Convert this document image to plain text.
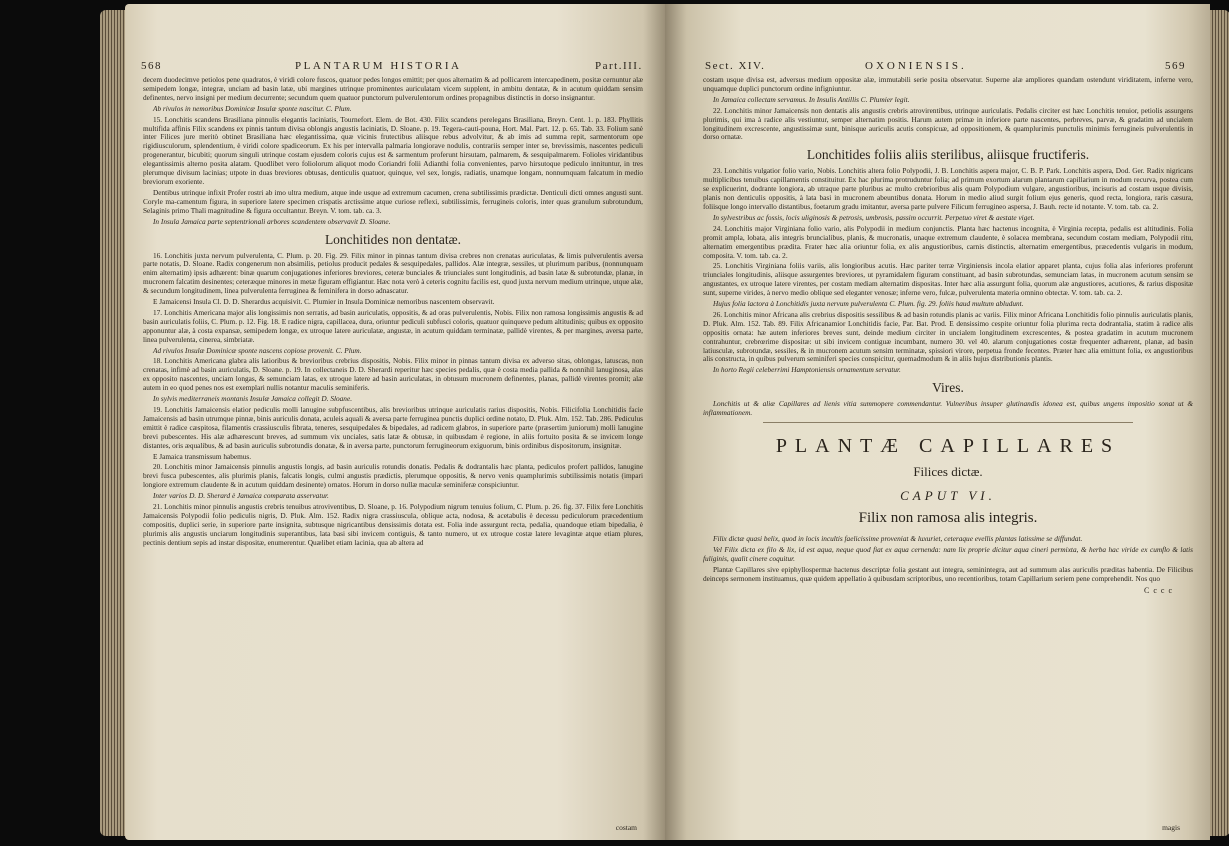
568	PLANTARUM HISTORIA	Part.III.

decem duodecimve petiolos pene quadratos, è viridi colore fuscos, quatuor pedes longos emittit; per quos alternatim & ad pollicarem intercapedinem, positæ cernuntur alæ semipedem longæ, integræ, unciam ad basin latæ, ubi margines utrinque prominentes auriculatam vicem supplent, in ambitu dentatæ, & in acutum quiddam sensim definentes, nervo insigni per medium decurrente; secundum quem quatuor punctorum pulverulentorum ordines propagnibus distinctis in dorso insignantur.

Ab rivulos in nemoribus Dominicæ Insulæ sponte nascitur. C. Plum.

15. Lonchitis scandens Brasiliana pinnulis elegantis laciniatis, Tournefort. Elem. de Bot. 430. Filix scandens perelegans Brasiliana, Breyn. Cent. 1. p. 183. Phyllitis multifida affinis Filix scandens ex pinnis tantum divisa oblongis angustis laciniatis, D. Sloane. p. 19. Tegera-cauti-pouna, Hort. Mal. Part. 12. p. 65. Tab. 33. Folium sanè inter Filices jure meritò obtinet Brasiliana hæc elegantissima, quæ vicinis frutectibus aliisque rebus advolvitur, & ab imis ad summa repit, sarmentorum ope rigidiusculorum, splendentium, è viridi colore spadiceorum. Ex his per intervalla palmaria longiorave nodulis, contrariis semper inter se, brevissimis, nascentes pediculi progenerantur, bicubiti; quorum singuli utrinque costam ejusdem coloris cujus est & sarmentum proferunt hirsutam, palmarem, & sesquipalmarem. Folioles viridantibus elegantissimis alterno posita alatam. Quodlibet vero foliolorum aliquot modo Coriandri folii Adianthi folia convenientes, parvo hirsutoque pediculo innituntur, in tres plerumque divisum lacinias; utpote in duas breviores obtusas, denticulis quatuor, quinque, vel sex, longis, radiatis, unamque longam, nonnumquam falcatum in medio breviorum exoriente.

Dentibus utrinque infixit Profer rostri ab imo ultra medium, atque inde usque ad extremum cacumen, crena subtilissimis prædictæ. Denticuli dicti omnes angusti sunt. Coryle ma-camentum figura, in superiore latere specimen crispatis arctissime atque curiose reflexi, subtilissimis, ferrugineis coloris, inter quas granulum subrotundum, Selaginis primo Thali magnitudine & figura occultantur. Breyn. V. tom. tab. ca. 3.

In Insula Jamaica parte septentrionali arbores scandentem observavit D. Sloane.

Lonchitides non dentatæ.

16. Lonchitis juxta nervum pulverulenta, C. Plum. p. 20. Fig. 29. Filix minor in pinnas tantum divisa crebres non crenatas auriculatas, & limis pulverulentis aversa parte notatis, D. Sloane. Radix congenerum non absimilis, petiolus producit pedales & sesquipedales, pallidos. Alæ integræ, sessiles, ut plurimum paribus, (nonnunquam enim alternatim) ipsis adhærent: binæ quarum conjugationes inferiores breviores, ceteræ bunciales & triunciales sunt longitudinis, ad basin latæ & subrotundæ, planæ, in mucronem falcatim desinentes; ceteræque minores in metæ figuram effigiantur. Hæc nota verò à ceteris cognitu facilis est, quod juxta nervum medium utrinque, utque alæ, & secundum longitudinem, linea pulverulenta ferruginea & feminifera in dorso adnascatur.

E Jamaicensi Insula Cl. D. D. Sherardus acquisivit. C. Plumier in Insula Dominicæ nemoribus nascentem observavit.

17. Lonchitis Americana major alis longissimis non serratis, ad basin auriculatis, oppositis, & ad oras pulverulentis, Nobis. Filix non ramosa longissimis angustis & ad basin auriculatis foliis, C. Plum. p. 12. Fig. 18. E radice nigra, capillacea, dura, oriuntur pediculi subfusci coloris, quatuor quinqueve pedum altitudinis; quibus ex opposito apponuntur alæ, à costa expansæ, semipedem longæ, ex utroque latere auriculatæ, angustæ, in acutum quiddam terminatæ, pallidè virentes, & per margines, aversa parte, linea pulverulenta, cinerea, simbriatæ.

Ad rivulos Insulæ Dominicæ sponte nascens copiose provenit. C. Plum.

18. Lonchitis Americana glabra alis latioribus & brevioribus crebrius dispositis, Nobis. Filix minor in pinnas tantum divisa ex adverso sitas, oblongas, latuscas, non crenatas, infimè ad basin auriculatis, D. Sloane. p. 19. In collectaneis D. D. Sherardi reperitur hæc species pedalis, quæ è costa media pallida & nonnihil lanuginosa, alas ex opposito nascentes, unciam longas, & semunciam latas, ex utroque latere ad basin auriculatas, in obtusum mucronem definentes, planas, pallidè virentes promit; alæ autem in eo quod penes nos est exemplari nullis notantur maculis seminiferis.

In sylvis mediterraneis montanis Insulæ Jamaica collegit D. Sloane.

19. Lonchitis Jamaicensis elatior pediculis molli lanugine subpfuscentibus, alis brevioribus utrinque auriculatis rarius dispositis, Nobis. Filicifolia Lonchitidis facie Jamaicensis ad basin utrumque pinnæ, binis auriculis donata, aculeis aquali & aversa parte ferruginea punctis duplici ordine notato, D. Pluk. Alm. 152. Tab. 286. Pediculus emittit è radice cæspitosa, filamentis crassiusculis fibrata, teneres, sesquipedales & bipedales, ad radicem glabros, in superiore parte (præsertim juniorum) molli lanugine brevi pubescentes. His alæ adhærescunt breves, ad summum vix unciales, satis latæ & obtusæ, in quibusdam è regione, in aliis fortuito posita & se invicem longe distantes, oris æqualibus, & ad basin auriculis subrotundis donatæ, & in aversa parte, punctorum ferrugineorum exiguorum, binis ordinibus dispositorum, insignitæ.

E Jamaica transmissum habemus.

20. Lonchitis minor Jamaicensis pinnulis angustis longis, ad basin auriculis rotundis donatis. Pedalis & dodrantalis hæc planta, pediculos profert pallidos, lanugine brevi fusca pubescentes, alis plurimis planis, falcatis longis, culmi angustis prædictis, plerumque oppositis, & nervo venis quamplurimis subtilissimis notatis (impari longiore extremum claudente & in acutum quiddam desinente) ornatos. Horum in dorso nullæ maculæ seminiferæ conspiciuntur.

Inter varios D. D. Sherard è Jamaica comparata asservatur.

21. Lonchitis minor pinnulis angustis crebris tenuibus atroviventibus, D. Sloane, p. 16. Polypodium nigrum tenuius folium, C. Plum. p. 26. fig. 37. Filix fere Lonchitis Jamaicensis Polypodii folio pediculis nigris, D. Pluk. Alm. 152. Radix nigra crassiuscula, oblique acta, nodosa, & acetabulis è decessu pediculorum præcedentium compositis, duplici serie, in superiore parte insignita, subtusque nigricantibus densissimis dotata est. Folia inde assurgunt recta, pedalia, quandoque etiam bipedalia, è plurimis alis angustis unciarum longitudinis superantibus, lata basi sibi invicem contiguis, & tanto numero, ut ex utroque costæ latere levagintæ atque etiam plures, pectinis dentium sepis ad instar dispositæ, enumerentur. Quælibet etiam lacinia, qua ab altera ad

costam
Sect. XIV.	OXONIENSIS.	569

costam usque divisa est, adversus medium oppositæ alæ, immutabili serie posita observatur. Superne alæ ampliores quandam ostendunt viriditatem, inferne vero, unquamque duplici punctorum ordine infigniuntur.

In Jamaica collectam servamus. In Insulis Antillis C. Plumier legit.

22. Lonchitis minor Jamaicensis non dentatis alis angustis crebris atrovirentibus, utrinque auriculatis. Pedalis circiter est hæc Lonchitis tenuior, petiolis assurgens plurimis, qui ima à radice alis vestiuntur, semper alternatim positis. Harum autem primæ in inferiore parte nascentes, perbreves, parvæ, & gradatim ad uncialem longitudinem excrescente, angustissimæ sunt, binisque auriculis acutis conspicuæ, ad oppositionem, & quamplurimis punctulis minimis ferrugineis pulverulentis in dorso ornatæ.

Lonchitides foliis aliis sterilibus, aliisque fructiferis.

23. Lonchitis vulgatior folio vario, Nobis. Lonchitis altera folio Polypodii, J. B. Lonchitis aspera major, C. B. P. Park. Lonchitis aspera, Dod. Ger. Radix nigricans multiplicibus tenuibus capillamentis constituitur. Ex hac plurima protruduntur folia; ad primum exortum alarum plantarum capillarium in modum recurva, postea cum se explicuerint, dodrante longiora, ab utraque parte pluribus ac multo crebrioribus alis quam Polypodium vulgare, angustioribus, incisuris ad costam usque divisis, planis non denticulis oppositis, à lata basi in mucronem abeuntibus donata. Horum in medio aliud surgit folium ejus generis, quod recta, longiora, raris cæsura, foliisque longo intervallo distantibus, foetarum gradu imitantur, aversa parte pulvere Filicum ferrugineo aspersa, J. Bauh. recte id notante. V. tom. tab. ca. 2.

In sylvestribus ac fossis, locis uliginosis & petrosis, umbrosis, passim occurrit. Perpetuo viret & aestate viget.

24. Lonchitis major Virginiana folio vario, alis Polypodii in medium conjunctis. Planta hæc hactenus incognita, è Virginia recepta, pedalis est altitudinis. Folia promit ampla, lobata, alis integris bruncialibus, planis, & mucronatis, unaque extremum claudente, è solacea membrana, secundum costam mediam, Polypodii ritu, alternatim emergentibus prædita. Frater hæc alia oriuntur folia, ex alis angustioribus, carnis distinctis, alternatim emergentibus, præcedentis vulgaris in modum, composita. V. tom. tab. ca. 2.

25. Lonchitis Virginiana foliis variis, alis longioribus acutis. Hæc pariter terræ Virginiensis incola elatior apparet planta, cujus folia alas inferiores proferunt triunciales longitudinis, aliisque assurgentes breviores, ut pyramidalem figuram constituant, ad basin subrotundas, semunciam latas, in mucronem acutum sensim se angustantes, ex utroque latere virentes, per costam mediam alternatim dispositas. Inter hæc alia assurgunt folia, quorum alæ angustiores, acutiores, & rarius dispositæ sunt, superne virides, à nervo medio oblique sed eleganter venosæ; inferne vero, fulcæ, pulverulenta materia omnino obtectæ. V. tom. tab. ca. 2.

Hujus folia lactora à Lonchitidis juxta nervum pulverulenta C. Plum. fig. 29. foliis haud multum abludunt.

26. Lonchitis minor Africana alis crebrius dispositis sessilibus & ad basin rotundis planis ac variis. Filix minor Africana Lonchitidis folio pinnulis auriculatis planis, D. Pluk. Alm. 152. Tab. 89. Filix Africanamior Lonchitidis facie, Par. Bat. Prod. E densissimo cespite oriuntur folia plurima recta dodrantalia, statim à radice alis oppositis ornata: hæ autem inferiores breves sunt, deinde medium circiter in uncialem longitudinem excrescentes, & postea gradatim in acutum mucronem contrahuntur, crebrœrime dispositæ: ut sibi invicem contiguæ incumbant, numero 30. vel 40. alarum conjugationes costæ frequenter adhærent, planæ, ad basin latiusculæ, subrotundæ, sessiles, & in mucronem acutum sensim terminatæ, spissiori virore, perpetua fronde fecentes. Præter hæc alia emittunt folia, ex angustioribus alis constructa, in quibus pulverum seminiferi species conspicitur, quemadmodum & in aliis hujus distributionis plantis.

In horto Regii celeberrimi Hamptoniensis ornamentum servatur.

Vires.

Lonchitis ut & aliæ Capillares ad lienis vitia summopere commendantur. Vulneribus insuper glutinandis idonea est, quibus ungens impositio sonat ut & inflammationem.

PLANTÆ CAPILLARES
Filices dictæ.
CAPUT VI.
Filix non ramosa alis integris.

Filix dictæ quasi belix, quod in locis incultis faelicissime proveniat & luxuriet, ceteraque evellis plantas latissime se diffundat.

Vel Filix dicta ex filo & lix, id est aqua, neque quod fiat ex aqua cernenda: nam lix proprie dicitur aqua cineri permixta, & herba hac viride ex cumflo & latis fuliginis, qualit cinere coquitur.

Plantæ Capillares sive epiphyllospermæ hactenus descriptæ folia gestant aut integra, seminintegra, aut ad summum alas auriculis præditas habentia. De Filicibus deinceps sermonem instituamus, quæ quidem appellatio à quibusdam scriptoribus, uno recentioribus, totam Capillarium seriem pene comprehendit. Nos quo

C c c c
magis
